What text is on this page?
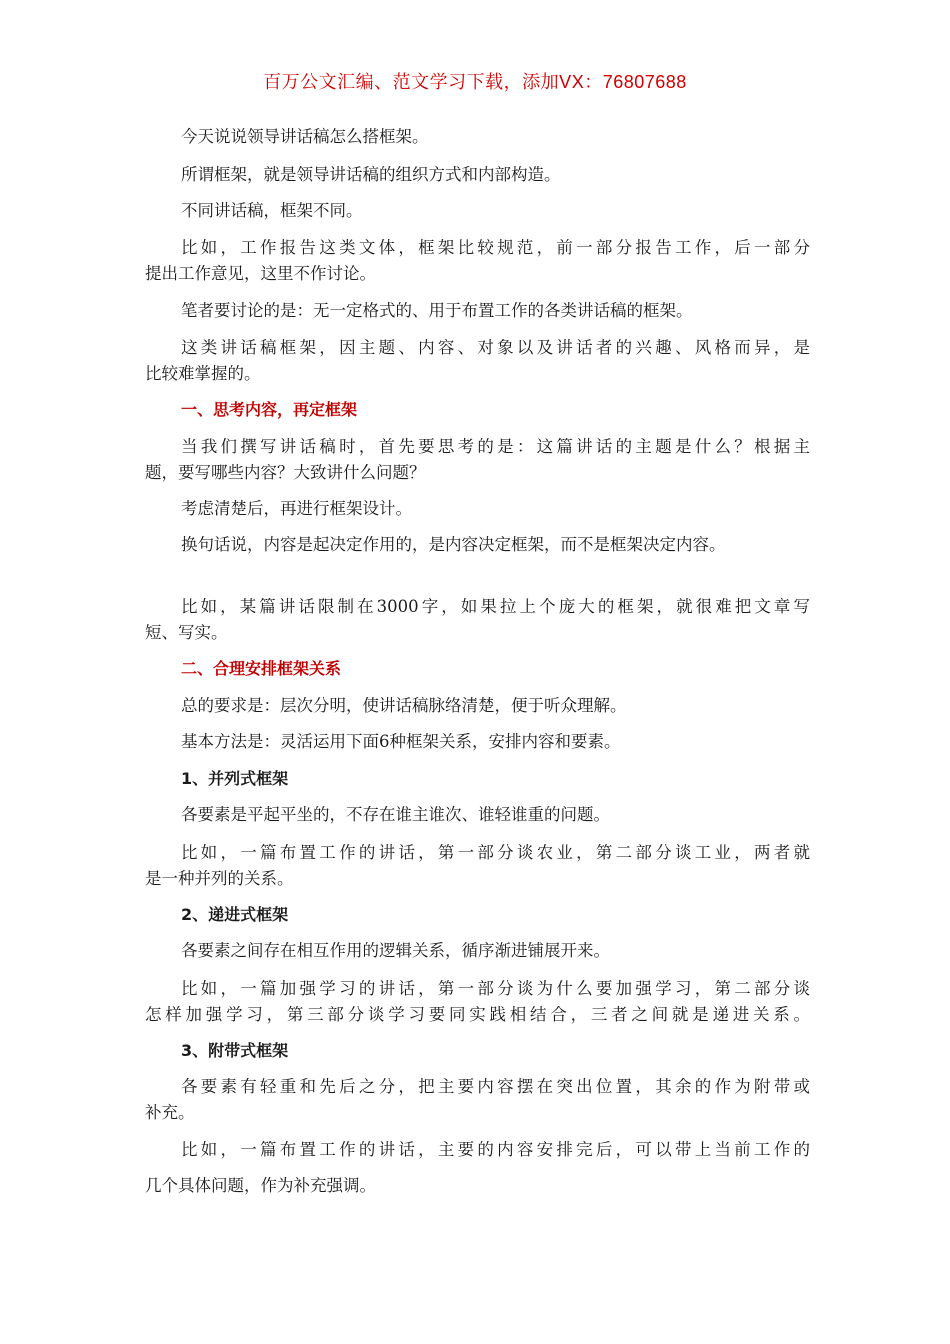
百万公文汇编、范文学习下载，添加VX：76807688
今天说说领导讲话稿怎么搭框架。
所谓框架，就是领导讲话稿的组织方式和内部构造。
不同讲话稿，框架不同。
比如，工作报告这类文体，框架比较规范，前一部分报告工作，后一部分
提出工作意见，这里不作讨论。
笔者要讨论的是：无一定格式的、用于布置工作的各类讲话稿的框架。
这类讲话稿框架，因主题、内容、对象以及讲话者的兴趣、风格而异，是
比较难掌握的。
一、思考内容，再定框架
当我们撰写讲话稿时，首先要思考的是：这篇讲话的主题是什么？根据主
题，要写哪些内容？大致讲什么问题？
考虑清楚后，再进行框架设计。
换句话说，内容是起决定作用的，是内容决定框架，而不是框架决定内容。
比如，某篇讲话限制在3000字，如果拉上个庞大的框架，就很难把文章写
短、写实。
二、合理安排框架关系
总的要求是：层次分明，使讲话稿脉络清楚，便于听众理解。
基本方法是：灵活运用下面6种框架关系，安排内容和要素。
1、并列式框架
各要素是平起平坐的，不存在谁主谁次、谁轻谁重的问题。
比如，一篇布置工作的讲话，第一部分谈农业，第二部分谈工业，两者就
是一种并列的关系。
2、递进式框架
各要素之间存在相互作用的逻辑关系，循序渐进铺展开来。
比如，一篇加强学习的讲话，第一部分谈为什么要加强学习，第二部分谈
怎样加强学习，第三部分谈学习要同实践相结合，三者之间就是递进关系。
3、附带式框架
各要素有轻重和先后之分，把主要内容摆在突出位置，其余的作为附带或
补充。
比如，一篇布置工作的讲话，主要的内容安排完后，可以带上当前工作的
几个具体问题，作为补充强调。
